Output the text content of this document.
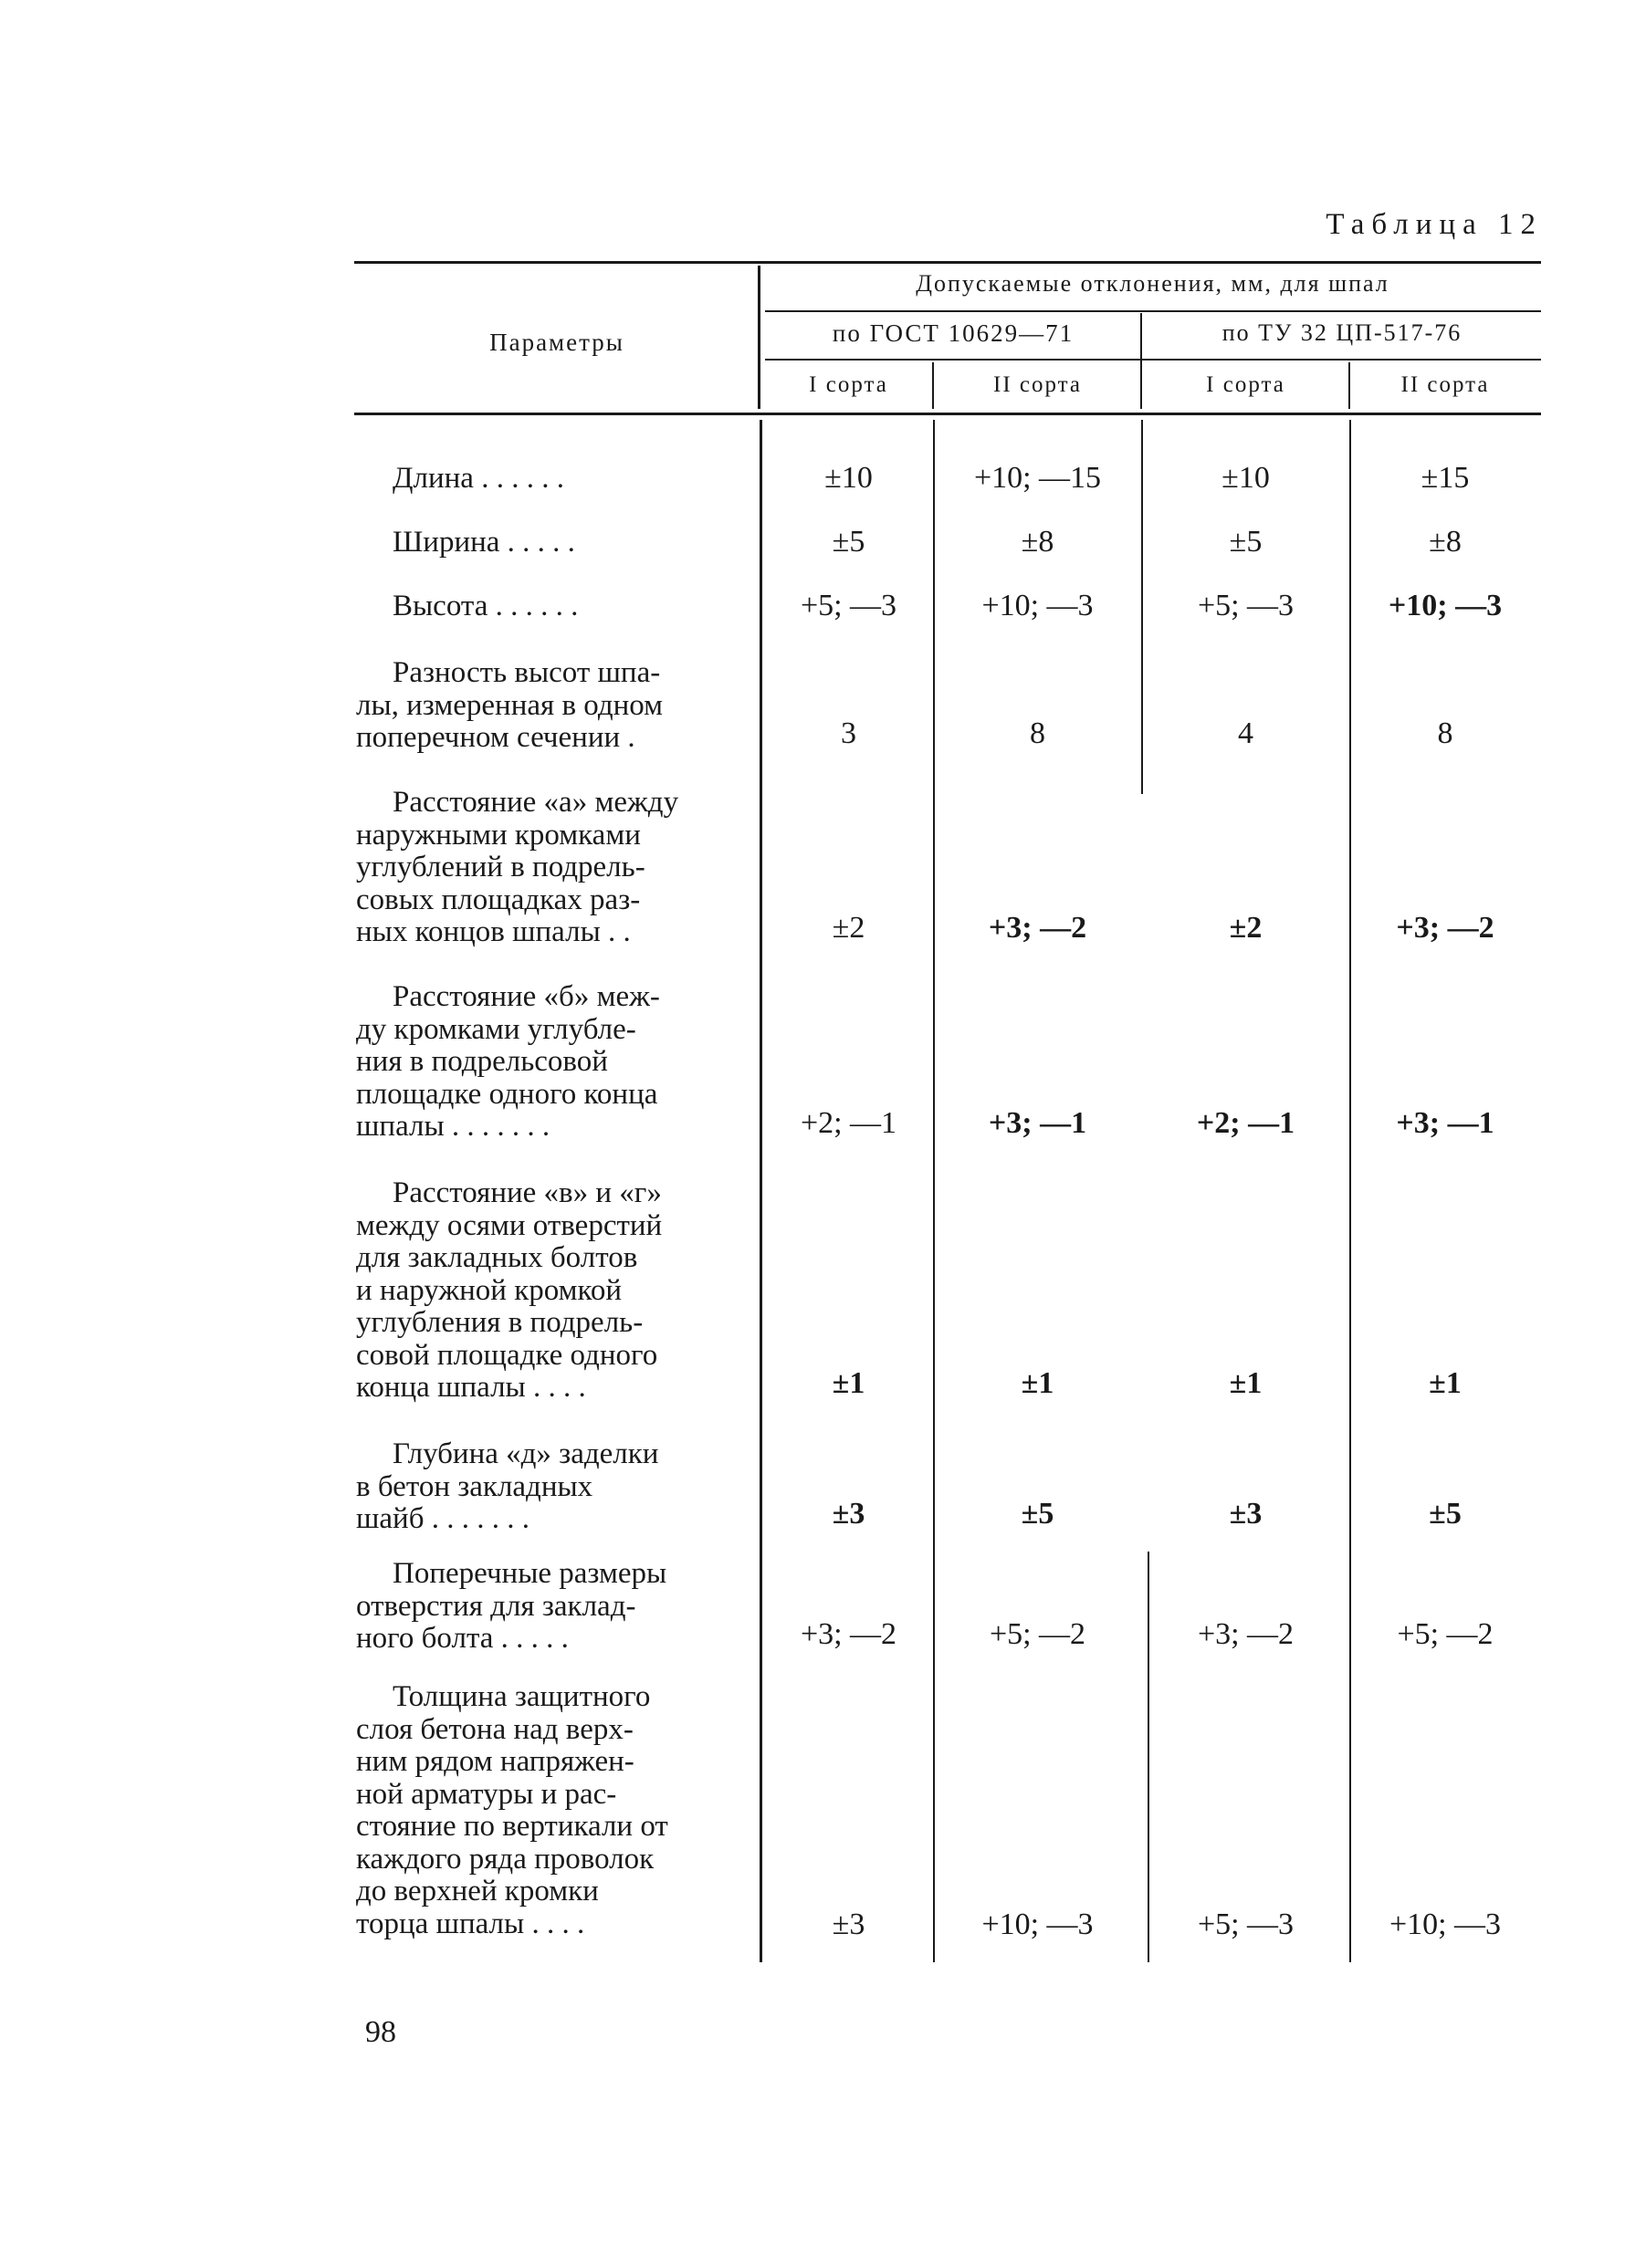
Таблица 12
Параметры
Допускаемые отклонения, мм, для шпал
по ГОСТ 10629—71	по ТУ 32 ЦП-517-76
I сорта	II сорта	I сорта	II сорта
Длина . . . . . .	±10	+10; —15	±10	±15
Ширина . . . . .	±5	±8	±5	±8
Высота . . . . . .	+5; —3	+10; —3	+5; —3	+10; —3
Разность высот шпа-
лы, измеренная в одном
поперечном сечении .	3	8	4	8
Расстояние «а» между
наружными кромками
углублений в подрель-
совых площадках раз-
ных концов шпалы . .	±2	+3; —2	±2	+3; —2
Расстояние «б» меж-
ду кромками углубле-
ния в подрельсовой
площадке одного конца
шпалы . . . . . . .	+2; —1	+3; —1	+2; —1	+3; —1
Расстояние «в» и «г»
между осями отверстий
для закладных болтов
и наружной кромкой
углубления в подрель-
совой площадке одного
конца шпалы . . . .	±1	±1	±1	±1
Глубина «д» заделки
в бетон закладных
шайб . . . . . . .	±3	±5	±3	±5
Поперечные размеры
отверстия для заклад-
ного болта . . . . .	+3; —2	+5; —2	+3; —2	+5; —2
Толщина защитного
слоя бетона над верх-
ним рядом напряжен-
ной арматуры и рас-
стояние по вертикали от
каждого ряда проволок
до верхней кромки
торца шпалы . . . .	±3	+10; —3	+5; —3	+10; —3
98
